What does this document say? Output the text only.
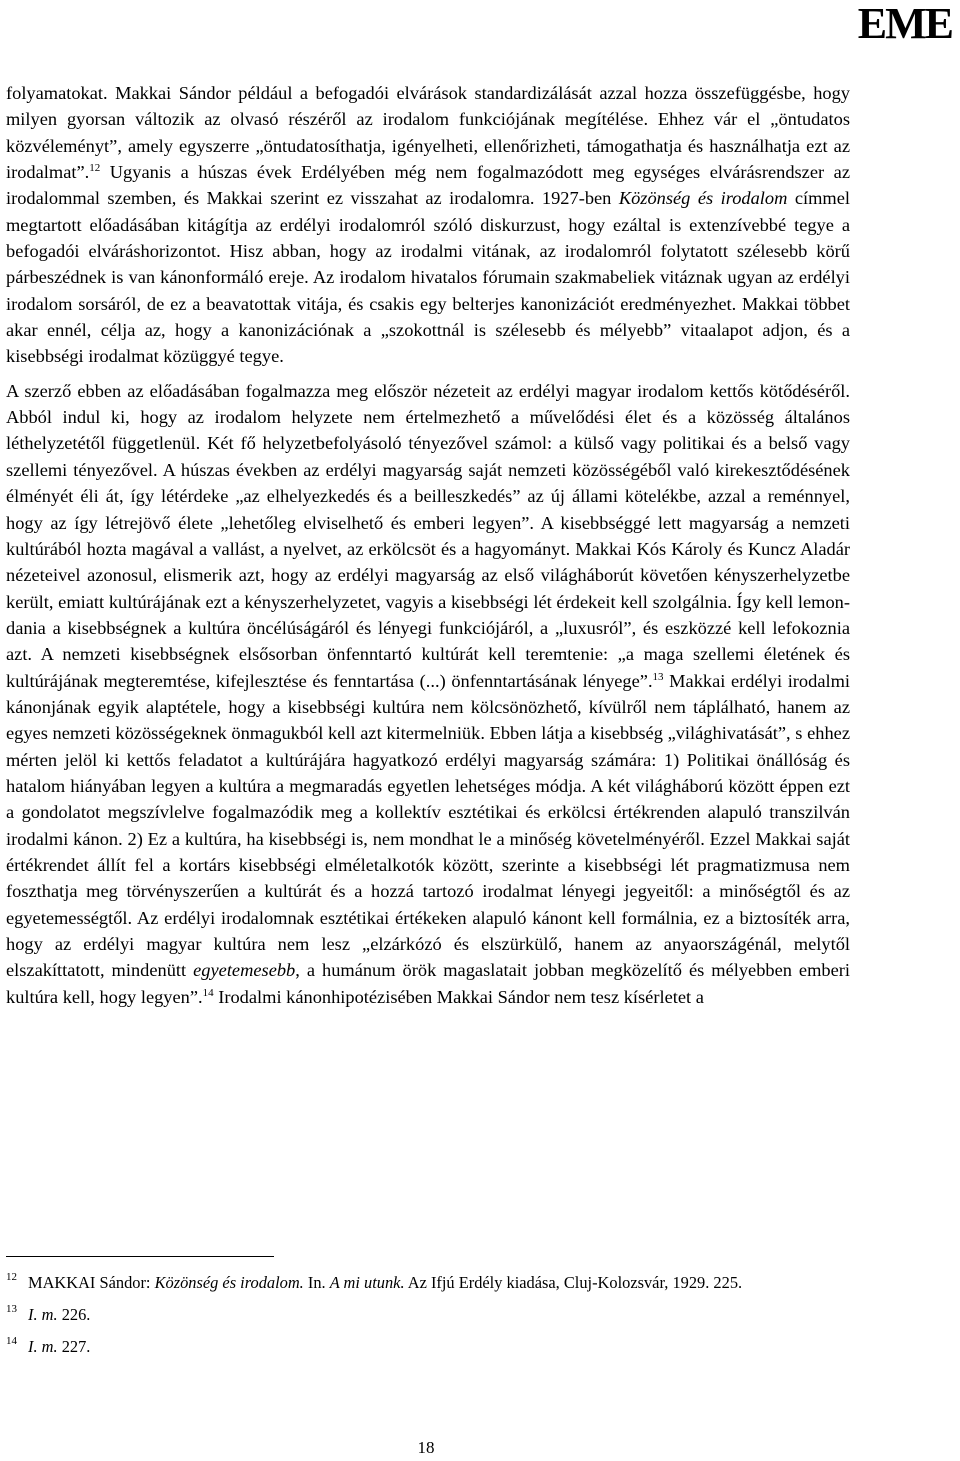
EME

folyamatokat. Makkai Sándor például a befogadói elvárások standardizálását azzal hozza összefüggésbe, hogy milyen gyorsan változik az olvasó részéről az irodalom funkciójának megítélése. Ehhez vár el „öntudatos közvéleményt”, amely egyszerre „öntudatosíthatja, igényelheti, ellenőrizheti, támogathatja és használhatja ezt az irodalmat”.$^{12}$ Ugyanis a húszas évek Erdélyében még nem fogalmazódott meg egységes elvárásrendszer az irodalommal szemben, és Makkai szerint ez visszahat az irodalomra. 1927-ben Közönség és irodalom címmel megtartott előadásában kitágítja az erdélyi irodalomról szóló diskurzust, hogy ezáltal is extenzívebbé tegye a befogadói elváráshorizontot. Hisz abban, hogy az irodalmi vitának, az irodalomról folytatott szélesebb körű párbeszédnek is van kánonformáló ereje. Az irodalom hivatalos fórumain szakmabeliek vitáznak ugyan az erdélyi irodalom sorsáról, de ez a beavatottak vitája, és csakis egy belterjes kanonizációt eredményezhet. Makkai többet akar ennél, célja az, hogy a kanonizációnak a „szokottnál is szélesebb és mélyebb” vitaalapot adjon, és a kisebbségi irodalmat közüggyé tegye.

A szerző ebben az előadásában fogalmazza meg először nézeteit az erdélyi magyar irodalom kettős kötődéséről. Abból indul ki, hogy az irodalom helyzete nem értelmezhető a művelődési élet és a közösség általános léthelyzetétől függetlenül. Két fő helyzetbefolyásoló tényezővel számol: a külső vagy politikai és a belső vagy szellemi tényezővel. A húszas években az erdélyi magyarság saját nemzeti közösségéből való kirekesztődésének élményét éli át, így létérdeke „az elhelyezkedés és a beilleszkedés” az új állami kötelékbe, azzal a reménnyel, hogy az így létrejövő élete „lehetőleg elviselhető és emberi legyen”. A kisebbséggé lett magyarság a nemzeti kultúrából hozta magával a vallást, a nyelvet, az erkölcsöt és a hagyományt. Makkai Kós Károly és Kuncz Aladár nézeteivel azonosul, elismerik azt, hogy az erdélyi magyarság az első világháborút követően kényszerhelyzetbe került, emiatt kultúrájának ezt a kényszerhelyzetet, vagyis a kisebbségi lét érdekeit kell szolgálnia. Így kell lemondania a kisebbségnek a kultúra öncélúságáról és lényegi funkciójáról, a „luxusról”, és eszközzé kell lefokoznia azt. A nemzeti kisebbségnek elsősorban önfenntartó kultúrát kell teremtenie: „a maga szellemi életének és kultúrájának megteremtése, kifejlesztése és fenntartása (...) önfenntartásának lényege”.$^{13}$ Makkai erdélyi irodalmi kánonjának egyik alaptétele, hogy a kisebbségi kultúra nem kölcsönözhető, kívülről nem táplálható, hanem az egyes nemzeti közösségeknek önmagukból kell azt kitermelniük. Ebben látja a kisebbség „világhivatását”, s ehhez mérten jelöl ki kettős feladatot a kultúrájára hagyatkozó erdélyi magyarság számára: 1) Politikai önállóság és hatalom hiányában legyen a kultúra a megmaradás egyetlen lehetséges módja. A két világháború között éppen ezt a gondolatot megszívlelve fogalmazódik meg a kollektív esztétikai és erkölcsi értékrenden alapuló transzilván irodalmi kánon. 2) Ez a kultúra, ha kisebbségi is, nem mondhat le a minőség követelményéről. Ezzel Makkai saját értékrendet állít fel a kortárs kisebbségi elméletalkotók között, szerinte a kisebbségi lét pragmatizmusa nem foszthatja meg törvényszerűen a kultúrát és a hozzá tartozó irodalmat lényegi jegyeitől: a minőségtől és az egyetemességtől. Az erdélyi irodalomnak esztétikai értékeken alapuló kánont kell formálnia, ez a biztosíték arra, hogy az erdélyi magyar kultúra nem lesz „elzárkózó és elszürkülő, hanem az anyaországénál, melytől elszakíttatott, mindenütt egyetemesebb, a humánum örök magaslatait jobban megközelítő és mélyebben emberi kultúra kell, hogy legyen”.$^{14}$ Irodalmi kánonhipotézisében Makkai Sándor nem tesz kísérletet a

12 MAKKAI Sándor: Közönség és irodalom. In. A mi utunk. Az Ifjú Erdély kiadása, Cluj-Kolozsvár, 1929. 225.
13 I. m. 226.
14 I. m. 227.
18
